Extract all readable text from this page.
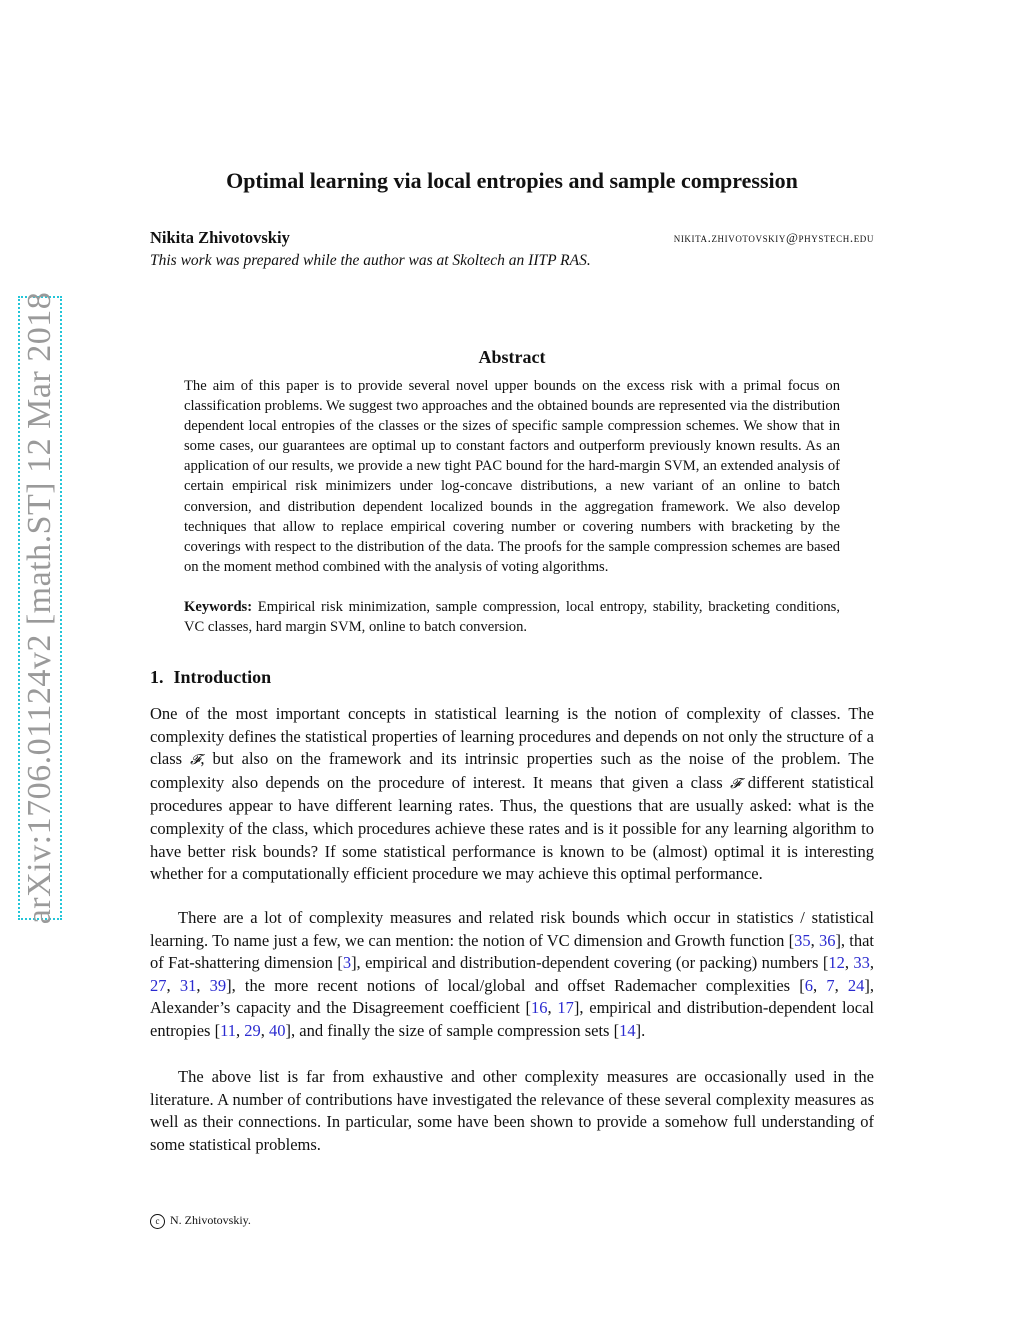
arXiv:1706.01124v2 [math.ST] 12 Mar 2018
Optimal learning via local entropies and sample compression
Nikita Zhivotovskiy	nikita.zhivotovskiy@phystech.edu
This work was prepared while the author was at Skoltech an IITP RAS.
Abstract

The aim of this paper is to provide several novel upper bounds on the excess risk with a primal focus on classification problems. We suggest two approaches and the obtained bounds are represented via the distribution dependent local entropies of the classes or the sizes of specific sample compression schemes. We show that in some cases, our guarantees are optimal up to constant factors and outperform previously known results. As an application of our results, we provide a new tight PAC bound for the hard-margin SVM, an extended analysis of certain empirical risk minimizers under log-concave distributions, a new variant of an online to batch conversion, and distribution dependent localized bounds in the aggregation framework. We also develop techniques that allow to replace empirical covering number or covering numbers with bracketing by the coverings with respect to the distribution of the data. The proofs for the sample compression schemes are based on the moment method combined with the analysis of voting algorithms.

Keywords: Empirical risk minimization, sample compression, local entropy, stability, bracketing conditions, VC classes, hard margin SVM, online to batch conversion.

1. Introduction

One of the most important concepts in statistical learning is the notion of complexity of classes. The complexity defines the statistical properties of learning procedures and depends on not only the structure of a class 𝓕, but also on the framework and its intrinsic properties such as the noise of the problem. The complexity also depends on the procedure of interest. It means that given a class 𝓕 different statistical procedures appear to have different learning rates. Thus, the questions that are usually asked: what is the complexity of the class, which procedures achieve these rates and is it possible for any learning algorithm to have better risk bounds? If some statistical performance is known to be (almost) optimal it is interesting whether for a computationally efficient procedure we may achieve this optimal performance.

There are a lot of complexity measures and related risk bounds which occur in statistics / statistical learning. To name just a few, we can mention: the notion of VC dimension and Growth function [35, 36], that of Fat-shattering dimension [3], empirical and distribution-dependent covering (or packing) numbers [12, 33, 27, 31, 39], the more recent notions of local/global and offset Rademacher complexities [6, 7, 24], Alexander’s capacity and the Disagreement coefficient [16, 17], empirical and distribution-dependent local entropies [11, 29, 40], and finally the size of sample compression sets [14].

The above list is far from exhaustive and other complexity measures are occasionally used in the literature. A number of contributions have investigated the relevance of these several complexity measures as well as their connections. In particular, some have been shown to provide a somehow full understanding of some statistical problems.

c N. Zhivotovskiy.
